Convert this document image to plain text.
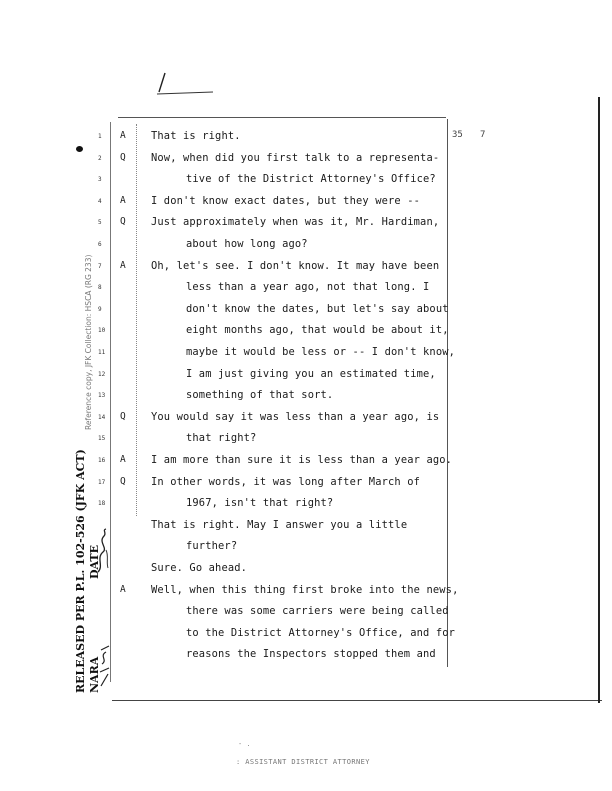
35 7
1 A That is right.
2 Q Now, when did you first talk to a representa-
3	tive of the District Attorney's Office?
4 A I don't know exact dates, but they were --
5 Q Just approximately when was it, Mr. Hardiman,
6	about how long ago?
7 A Oh, let's see. I don't know. It may have been
8	less than a year ago, not that long. I
9	don't know the dates, but let's say about
10	eight months ago, that would be about it,
11	maybe it would be less or -- I don't know,
12	I am just giving you an estimated time,
13	something of that sort.
14 Q You would say it was less than a year ago, is
15	that right?
16 A I am more than sure it is less than a year ago.
17 Q In other words, it was long after March of
18	1967, isn't that right?
That is right. May I answer you a little
further?
Sure. Go ahead.
A Well, when this thing first broke into the news,
there was some carriers were being called
to the District Attorney's Office, and for
reasons the Inspectors stopped them and
Reference copy, JFK Collection: HSCA (RG 233)
RELEASED PER P.L. 102-526 (JFK ACT) NARA  DATE
- .
: ASSISTANT DISTRICT ATTORNEY
